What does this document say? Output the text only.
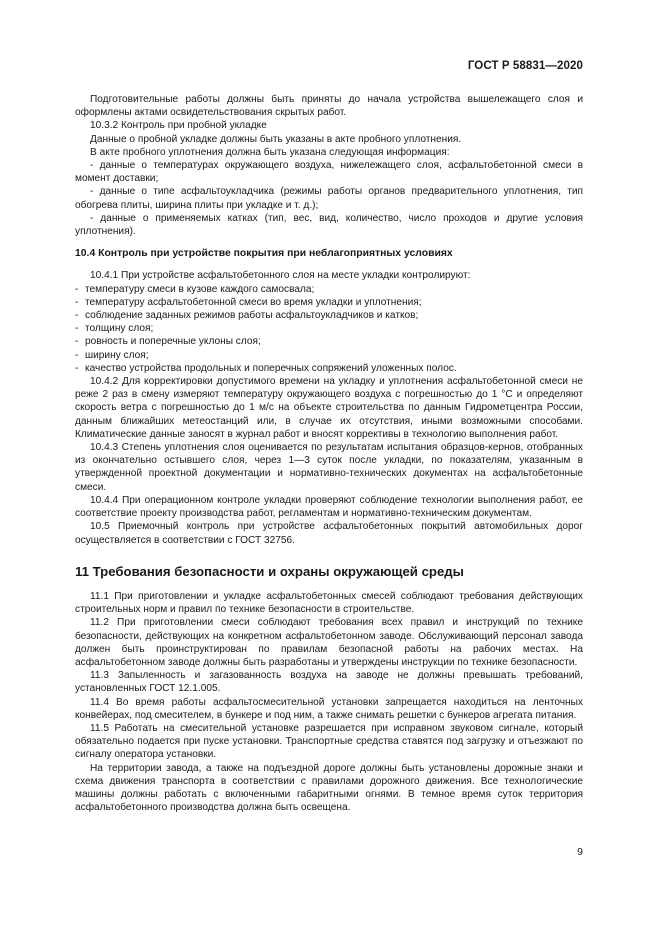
ГОСТ Р 58831—2020

Подготовительные работы должны быть приняты до начала устройства вышележащего слоя и оформлены актами освидетельствования скрытых работ.

10.3.2 Контроль при пробной укладке

Данные о пробной укладке должны быть указаны в акте пробного уплотнения.

В акте пробного уплотнения должна быть указана следующая информация:

- данные о температурах окружающего воздуха, нижележащего слоя, асфальтобетонной смеси в момент доставки;

- данные о типе асфальтоукладчика (режимы работы органов предварительного уплотнения, тип обогрева плиты, ширина плиты при укладке и т. д.);

- данные о применяемых катках (тип, вес, вид, количество, число проходов и другие условия уплотнения).

10.4 Контроль при устройстве покрытия при неблагоприятных условиях

10.4.1 При устройстве асфальтобетонного слоя на месте укладки контролируют:

- температуру смеси в кузове каждого самосвала;

- температуру асфальтобетонной смеси во время укладки и уплотнения;

- соблюдение заданных режимов работы асфальтоукладчиков и катков;

- толщину слоя;

- ровность и поперечные уклоны слоя;

- ширину слоя;

- качество устройства продольных и поперечных сопряжений уложенных полос.

10.4.2 Для корректировки допустимого времени на укладку и уплотнения асфальтобетонной смеси не реже 2 раз в смену измеряют температуру окружающего воздуха с погрешностью до 1 °С и определяют скорость ветра с погрешностью до 1 м/с на объекте строительства по данным Гидрометцентра России, данным ближайших метеостанций или, в случае их отсутствия, иными возможными способами. Климатические данные заносят в журнал работ и вносят коррективы в технологию выполнения работ.

10.4.3 Степень уплотнения слоя оценивается по результатам испытания образцов-кернов, отобранных из окончательно остывшего слоя, через 1—3 суток после укладки, по показателям, указанным в утвержденной проектной документации и нормативно-технических документах на асфальтобетонные смеси.

10.4.4 При операционном контроле укладки проверяют соблюдение технологии выполнения работ, ее соответствие проекту производства работ, регламентам и нормативно-техническим документам.

10.5 Приемочный контроль при устройстве асфальтобетонных покрытий автомобильных дорог осуществляется в соответствии с ГОСТ 32756.

11 Требования безопасности и охраны окружающей среды

11.1 При приготовлении и укладке асфальтобетонных смесей соблюдают требования действующих строительных норм и правил по технике безопасности в строительстве.

11.2 При приготовлении смеси соблюдают требования всех правил и инструкций по технике безопасности, действующих на конкретном асфальтобетонном заводе. Обслуживающий персонал завода должен быть проинструктирован по правилам безопасной работы на рабочих местах. На асфальтобетонном заводе должны быть разработаны и утверждены инструкции по технике безопасности.

11.3 Запыленность и загазованность воздуха на заводе не должны превышать требований, установленных ГОСТ 12.1.005.

11.4 Во время работы асфальтосмесительной установки запрещается находиться на ленточных конвейерах, под смесителем, в бункере и под ним, а также снимать решетки с бункеров агрегата питания.

11.5 Работать на смесительной установке разрешается при исправном звуковом сигнале, который обязательно подается при пуске установки. Транспортные средства ставятся под загрузку и отъезжают по сигналу оператора установки.

На территории завода, а также на подъездной дороге должны быть установлены дорожные знаки и схема движения транспорта в соответствии с правилами дорожного движения. Все технологические машины должны работать с включенными габаритными огнями. В темное время суток территория асфальтобетонного производства должна быть освещена.

9
